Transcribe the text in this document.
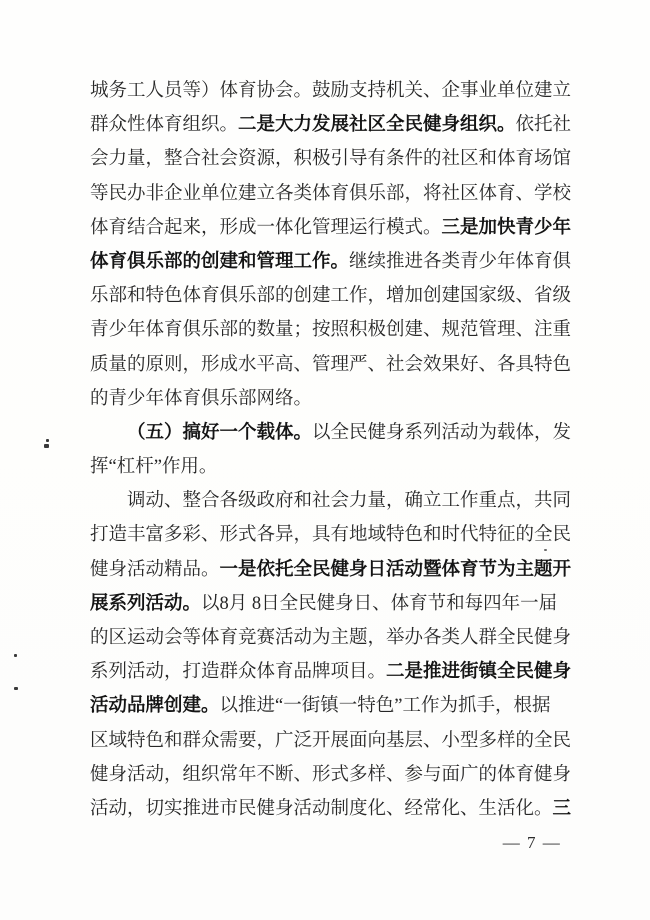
城务工人员等）体育协会。鼓励支持机关、企事业单位建立
群众性体育组织。二是大力发展社区全民健身组织。依托社
会力量，整合社会资源，积极引导有条件的社区和体育场馆
等民办非企业单位建立各类体育俱乐部，将社区体育、学校
体育结合起来，形成一体化管理运行模式。三是加快青少年
体育俱乐部的创建和管理工作。继续推进各类青少年体育俱
乐部和特色体育俱乐部的创建工作，增加创建国家级、省级
青少年体育俱乐部的数量；按照积极创建、规范管理、注重
质量的原则，形成水平高、管理严、社会效果好、各具特色
的青少年体育俱乐部网络。
（五）搞好一个载体。以全民健身系列活动为载体，发
挥“杠杆”作用。
调动、整合各级政府和社会力量，确立工作重点，共同
打造丰富多彩、形式各异，具有地域特色和时代特征的全民
健身活动精品。一是依托全民健身日活动暨体育节为主题开
展系列活动。以8月 8日全民健身日、体育节和每四年一届
的区运动会等体育竞赛活动为主题，举办各类人群全民健身
系列活动，打造群众体育品牌项目。二是推进街镇全民健身
活动品牌创建。以推进“一街镇一特色”工作为抓手，根据
区域特色和群众需要，广泛开展面向基层、小型多样的全民
健身活动，组织常年不断、形式多样、参与面广的体育健身
活动，切实推进市民健身活动制度化、经常化、生活化。三
— 7 —
